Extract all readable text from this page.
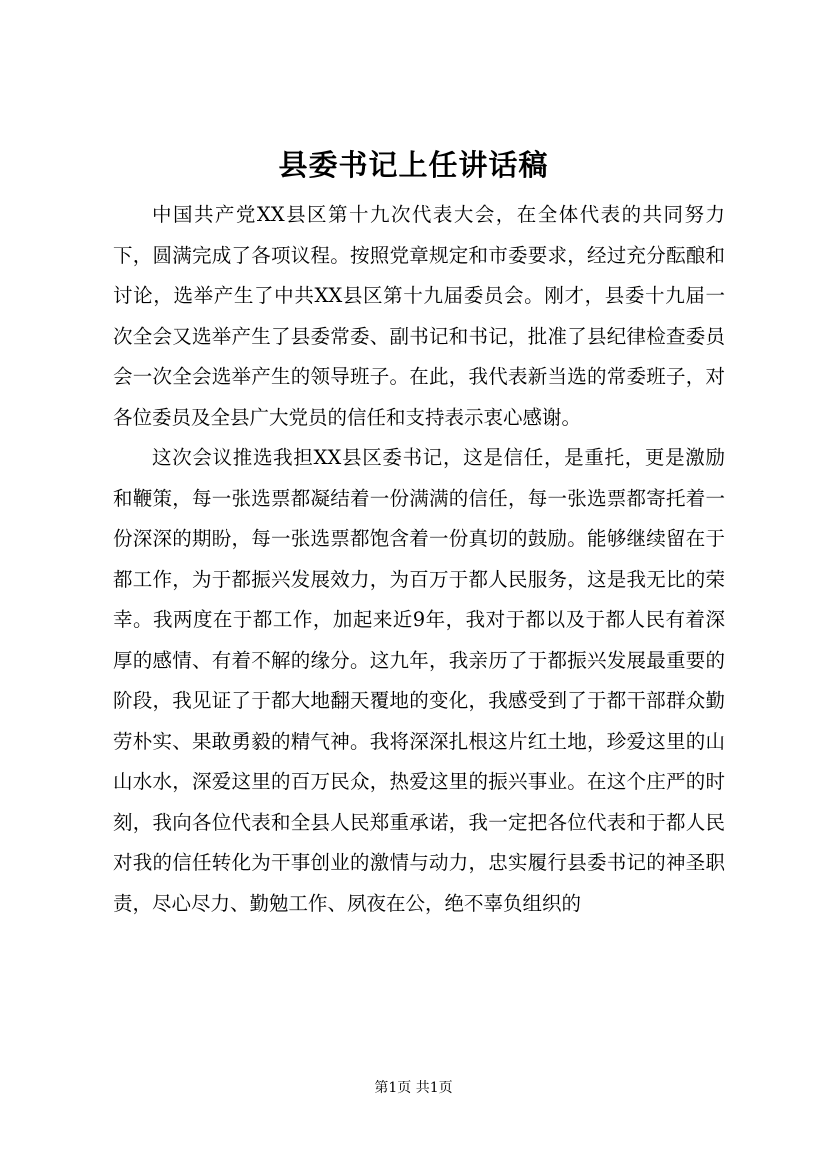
县委书记上任讲话稿

中国共产党XX县区第十九次代表大会，在全体代表的共同努力下，圆满完成了各项议程。按照党章规定和市委要求，经过充分酝酿和讨论，选举产生了中共XX县区第十九届委员会。刚才，县委十九届一次全会又选举产生了县委常委、副书记和书记，批准了县纪律检查委员会一次全会选举产生的领导班子。在此，我代表新当选的常委班子，对各位委员及全县广大党员的信任和支持表示衷心感谢。

这次会议推选我担XX县区委书记，这是信任，是重托，更是激励和鞭策，每一张选票都凝结着一份满满的信任，每一张选票都寄托着一份深深的期盼，每一张选票都饱含着一份真切的鼓励。能够继续留在于都工作，为于都振兴发展效力，为百万于都人民服务，这是我无比的荣幸。我两度在于都工作，加起来近9年，我对于都以及于都人民有着深厚的感情、有着不解的缘分。这九年，我亲历了于都振兴发展最重要的阶段，我见证了于都大地翻天覆地的变化，我感受到了于都干部群众勤劳朴实、果敢勇毅的精气神。我将深深扎根这片红土地，珍爱这里的山山水水，深爱这里的百万民众，热爱这里的振兴事业。在这个庄严的时刻，我向各位代表和全县人民郑重承诺，我一定把各位代表和于都人民对我的信任转化为干事创业的激情与动力，忠实履行县委书记的神圣职责，尽心尽力、勤勉工作、夙夜在公，绝不辜负组织的

第1页 共1页
